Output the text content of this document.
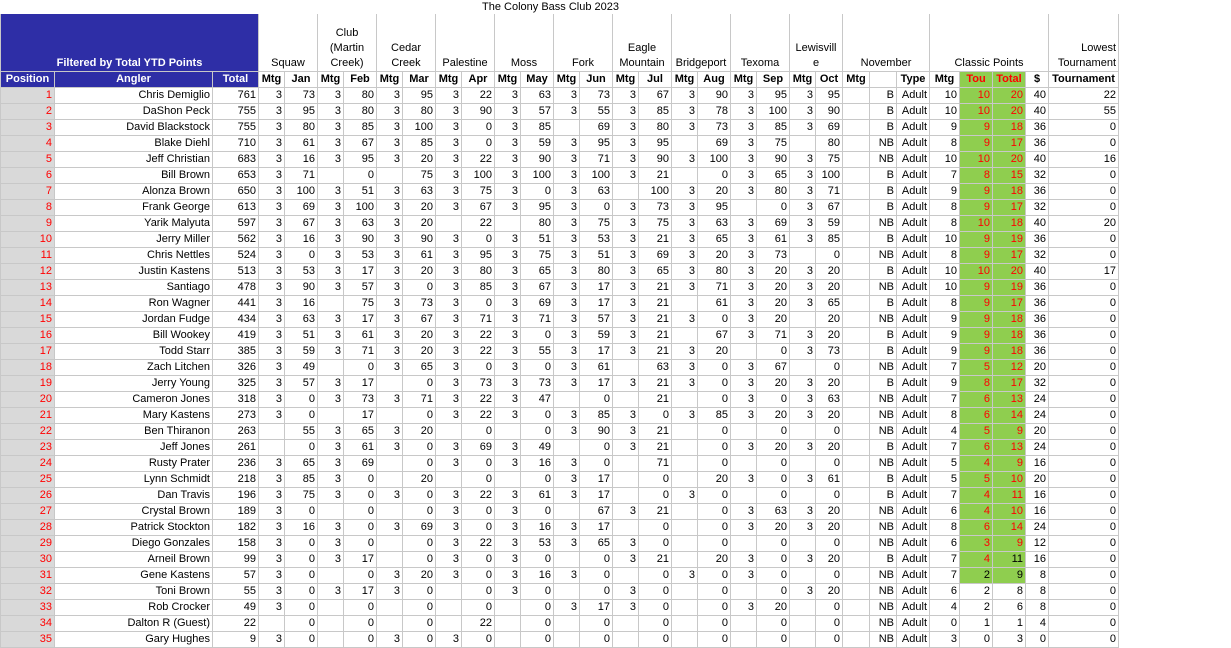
			The Colony Bass Club 2023																											
Filtered by Total YTD Points			Squaw		Club (Martin Creek)		Cedar Creek		Palestine		Moss		Fork		Eagle Mountain		Bridgeport		Texoma		Lewisvill e		November			Classic Points				Lowest Tournament
Position	Angler	Total	Mtg	Jan	Mtg	Feb	Mtg	Mar	Mtg	Apr	Mtg	May	Mtg	Jun	Mtg	Jul	Mtg	Aug	Mtg	Sep	Mtg	Oct	Mtg		Type	Mtg	Tou	Total	$	Tournament
1	Chris Demiglio	761	3	73	3	80	3	95	3	22	3	63	3	73	3	67	3	90	3	95	3	95		B	Adult	10	10	20	40	22
2	DaShon Peck	755	3	95	3	80	3	80	3	90	3	57	3	55	3	85	3	78	3	100	3	90		B	Adult	10	10	20	40	55
3	David Blackstock	755	3	80	3	85	3	100	3	0	3	85		69	3	80	3	73	3	85	3	69		B	Adult	9	9	18	36	0
4	Blake Diehl	710	3	61	3	67	3	85	3	0	3	59	3	95	3	95		69	3	75		80		NB	Adult	8	9	17	36	0
5	Jeff Christian	683	3	16	3	95	3	20	3	22	3	90	3	71	3	90	3	100	3	90	3	75		NB	Adult	10	10	20	40	16
6	Bill Brown	653	3	71		0		75	3	100	3	100	3	100	3	21		0	3	65	3	100		B	Adult	7	8	15	32	0
7	Alonza Brown	650	3	100	3	51	3	63	3	75	3	0	3	63		100	3	20	3	80	3	71		B	Adult	9	9	18	36	0
8	Frank George	613	3	69	3	100	3	20	3	67	3	95	3	0	3	73	3	95		0	3	67		B	Adult	8	9	17	32	0
9	Yarik Malyuta	597	3	67	3	63	3	20		22		80	3	75	3	75	3	63	3	69	3	59		NB	Adult	8	10	18	40	20
10	Jerry Miller	562	3	16	3	90	3	90	3	0	3	51	3	53	3	21	3	65	3	61	3	85		B	Adult	10	9	19	36	0
11	Chris Nettles	524	3	0	3	53	3	61	3	95	3	75	3	51	3	69	3	20	3	73		0		NB	Adult	8	9	17	32	0
12	Justin Kastens	513	3	53	3	17	3	20	3	80	3	65	3	80	3	65	3	80	3	20	3	20		B	Adult	10	10	20	40	17
13	Santiago	478	3	90	3	57	3	0	3	85	3	67	3	17	3	21	3	71	3	20	3	20		NB	Adult	10	9	19	36	0
14	Ron Wagner	441	3	16		75	3	73	3	0	3	69	3	17	3	21		61	3	20	3	65		B	Adult	8	9	17	36	0
15	Jordan Fudge	434	3	63	3	17	3	67	3	71	3	71	3	57	3	21	3	0	3	20		20		NB	Adult	9	9	18	36	0
16	Bill Wookey	419	3	51	3	61	3	20	3	22	3	0	3	59	3	21		67	3	71	3	20		B	Adult	9	9	18	36	0
17	Todd Starr	385	3	59	3	71	3	20	3	22	3	55	3	17	3	21	3	20		0	3	73		B	Adult	9	9	18	36	0
18	Zach Litchen	326	3	49		0	3	65	3	0	3	0	3	61		63	3	0	3	67		0		NB	Adult	7	5	12	20	0
19	Jerry Young	325	3	57	3	17		0	3	73	3	73	3	17	3	21	3	0	3	20	3	20		B	Adult	9	8	17	32	0
20	Cameron Jones	318	3	0	3	73	3	71	3	22	3	47		0		21		0	3	0	3	63		NB	Adult	7	6	13	24	0
21	Mary Kastens	273	3	0		17		0	3	22	3	0	3	85	3	0	3	85	3	20	3	20		NB	Adult	8	6	14	24	0
22	Ben Thiranon	263		55	3	65	3	20		0		0	3	90	3	21		0		0		0		NB	Adult	4	5	9	20	0
23	Jeff Jones	261		0	3	61	3	0	3	69	3	49		0	3	21		0	3	20	3	20		B	Adult	7	6	13	24	0
24	Rusty Prater	236	3	65	3	69		0	3	0	3	16	3	0		71		0		0		0		NB	Adult	5	4	9	16	0
25	Lynn Schmidt	218	3	85	3	0		20		0		0	3	17		0		20	3	0	3	61		B	Adult	5	5	10	20	0
26	Dan Travis	196	3	75	3	0	3	0	3	22	3	61	3	17		0	3	0		0		0		B	Adult	7	4	11	16	0
27	Crystal Brown	189	3	0		0		0	3	0	3	0		67	3	21		0	3	63	3	20		NB	Adult	6	4	10	16	0
28	Patrick Stockton	182	3	16	3	0	3	69	3	0	3	16	3	17		0		0	3	20	3	20		NB	Adult	8	6	14	24	0
29	Diego Gonzales	158	3	0	3	0		0	3	22	3	53	3	65	3	0		0		0		0		NB	Adult	6	3	9	12	0
30	Arneil Brown	99	3	0	3	17		0	3	0	3	0		0	3	21		20	3	0	3	20		B	Adult	7	4	11	16	0
31	Gene Kastens	57	3	0		0	3	20	3	0	3	16	3	0		0	3	0	3	0		0		NB	Adult	7	2	9	8	0
32	Toni Brown	55	3	0	3	17	3	0		0	3	0		0	3	0		0		0	3	20		NB	Adult	6	2	8	8	0
33	Rob Crocker	49	3	0		0		0		0		0	3	17	3	0		0	3	20		0		NB	Adult	4	2	6	8	0
34	Dalton R (Guest)	22		0		0		0		22		0		0		0		0		0		0		NB	Adult	0	1	1	4	0
35	Gary Hughes	9	3	0		0	3	0	3	0		0		0		0		0		0		0		NB	Adult	3	0	3	0	0
